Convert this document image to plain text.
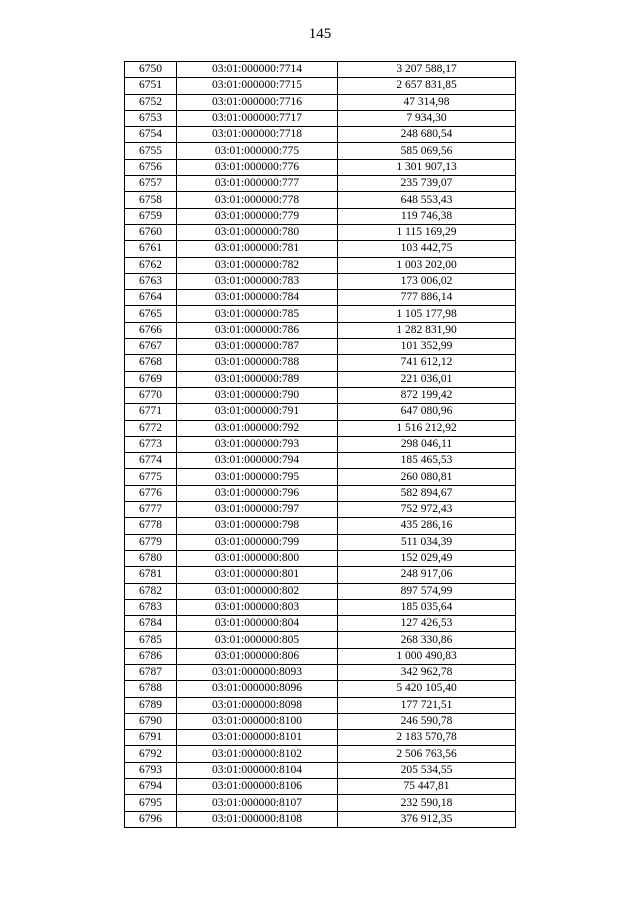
145
6750	03:01:000000:7714	3 207 588,17
6751	03:01:000000:7715	2 657 831,85
6752	03:01:000000:7716	47 314,98
6753	03:01:000000:7717	7 934,30
6754	03:01:000000:7718	248 680,54
6755	03:01:000000:775	585 069,56
6756	03:01:000000:776	1 301 907,13
6757	03:01:000000:777	235 739,07
6758	03:01:000000:778	648 553,43
6759	03:01:000000:779	119 746,38
6760	03:01:000000:780	1 115 169,29
6761	03:01:000000:781	103 442,75
6762	03:01:000000:782	1 003 202,00
6763	03:01:000000:783	173 006,02
6764	03:01:000000:784	777 886,14
6765	03:01:000000:785	1 105 177,98
6766	03:01:000000:786	1 282 831,90
6767	03:01:000000:787	101 352,99
6768	03:01:000000:788	741 612,12
6769	03:01:000000:789	221 036,01
6770	03:01:000000:790	872 199,42
6771	03:01:000000:791	647 080,96
6772	03:01:000000:792	1 516 212,92
6773	03:01:000000:793	298 046,11
6774	03:01:000000:794	185 465,53
6775	03:01:000000:795	260 080,81
6776	03:01:000000:796	582 894,67
6777	03:01:000000:797	752 972,43
6778	03:01:000000:798	435 286,16
6779	03:01:000000:799	511 034,39
6780	03:01:000000:800	152 029,49
6781	03:01:000000:801	248 917,06
6782	03:01:000000:802	897 574,99
6783	03:01:000000:803	185 035,64
6784	03:01:000000:804	127 426,53
6785	03:01:000000:805	268 330,86
6786	03:01:000000:806	1 000 490,83
6787	03:01:000000:8093	342 962,78
6788	03:01:000000:8096	5 420 105,40
6789	03:01:000000:8098	177 721,51
6790	03:01:000000:8100	246 590,78
6791	03:01:000000:8101	2 183 570,78
6792	03:01:000000:8102	2 506 763,56
6793	03:01:000000:8104	205 534,55
6794	03:01:000000:8106	75 447,81
6795	03:01:000000:8107	232 590,18
6796	03:01:000000:8108	376 912,35
